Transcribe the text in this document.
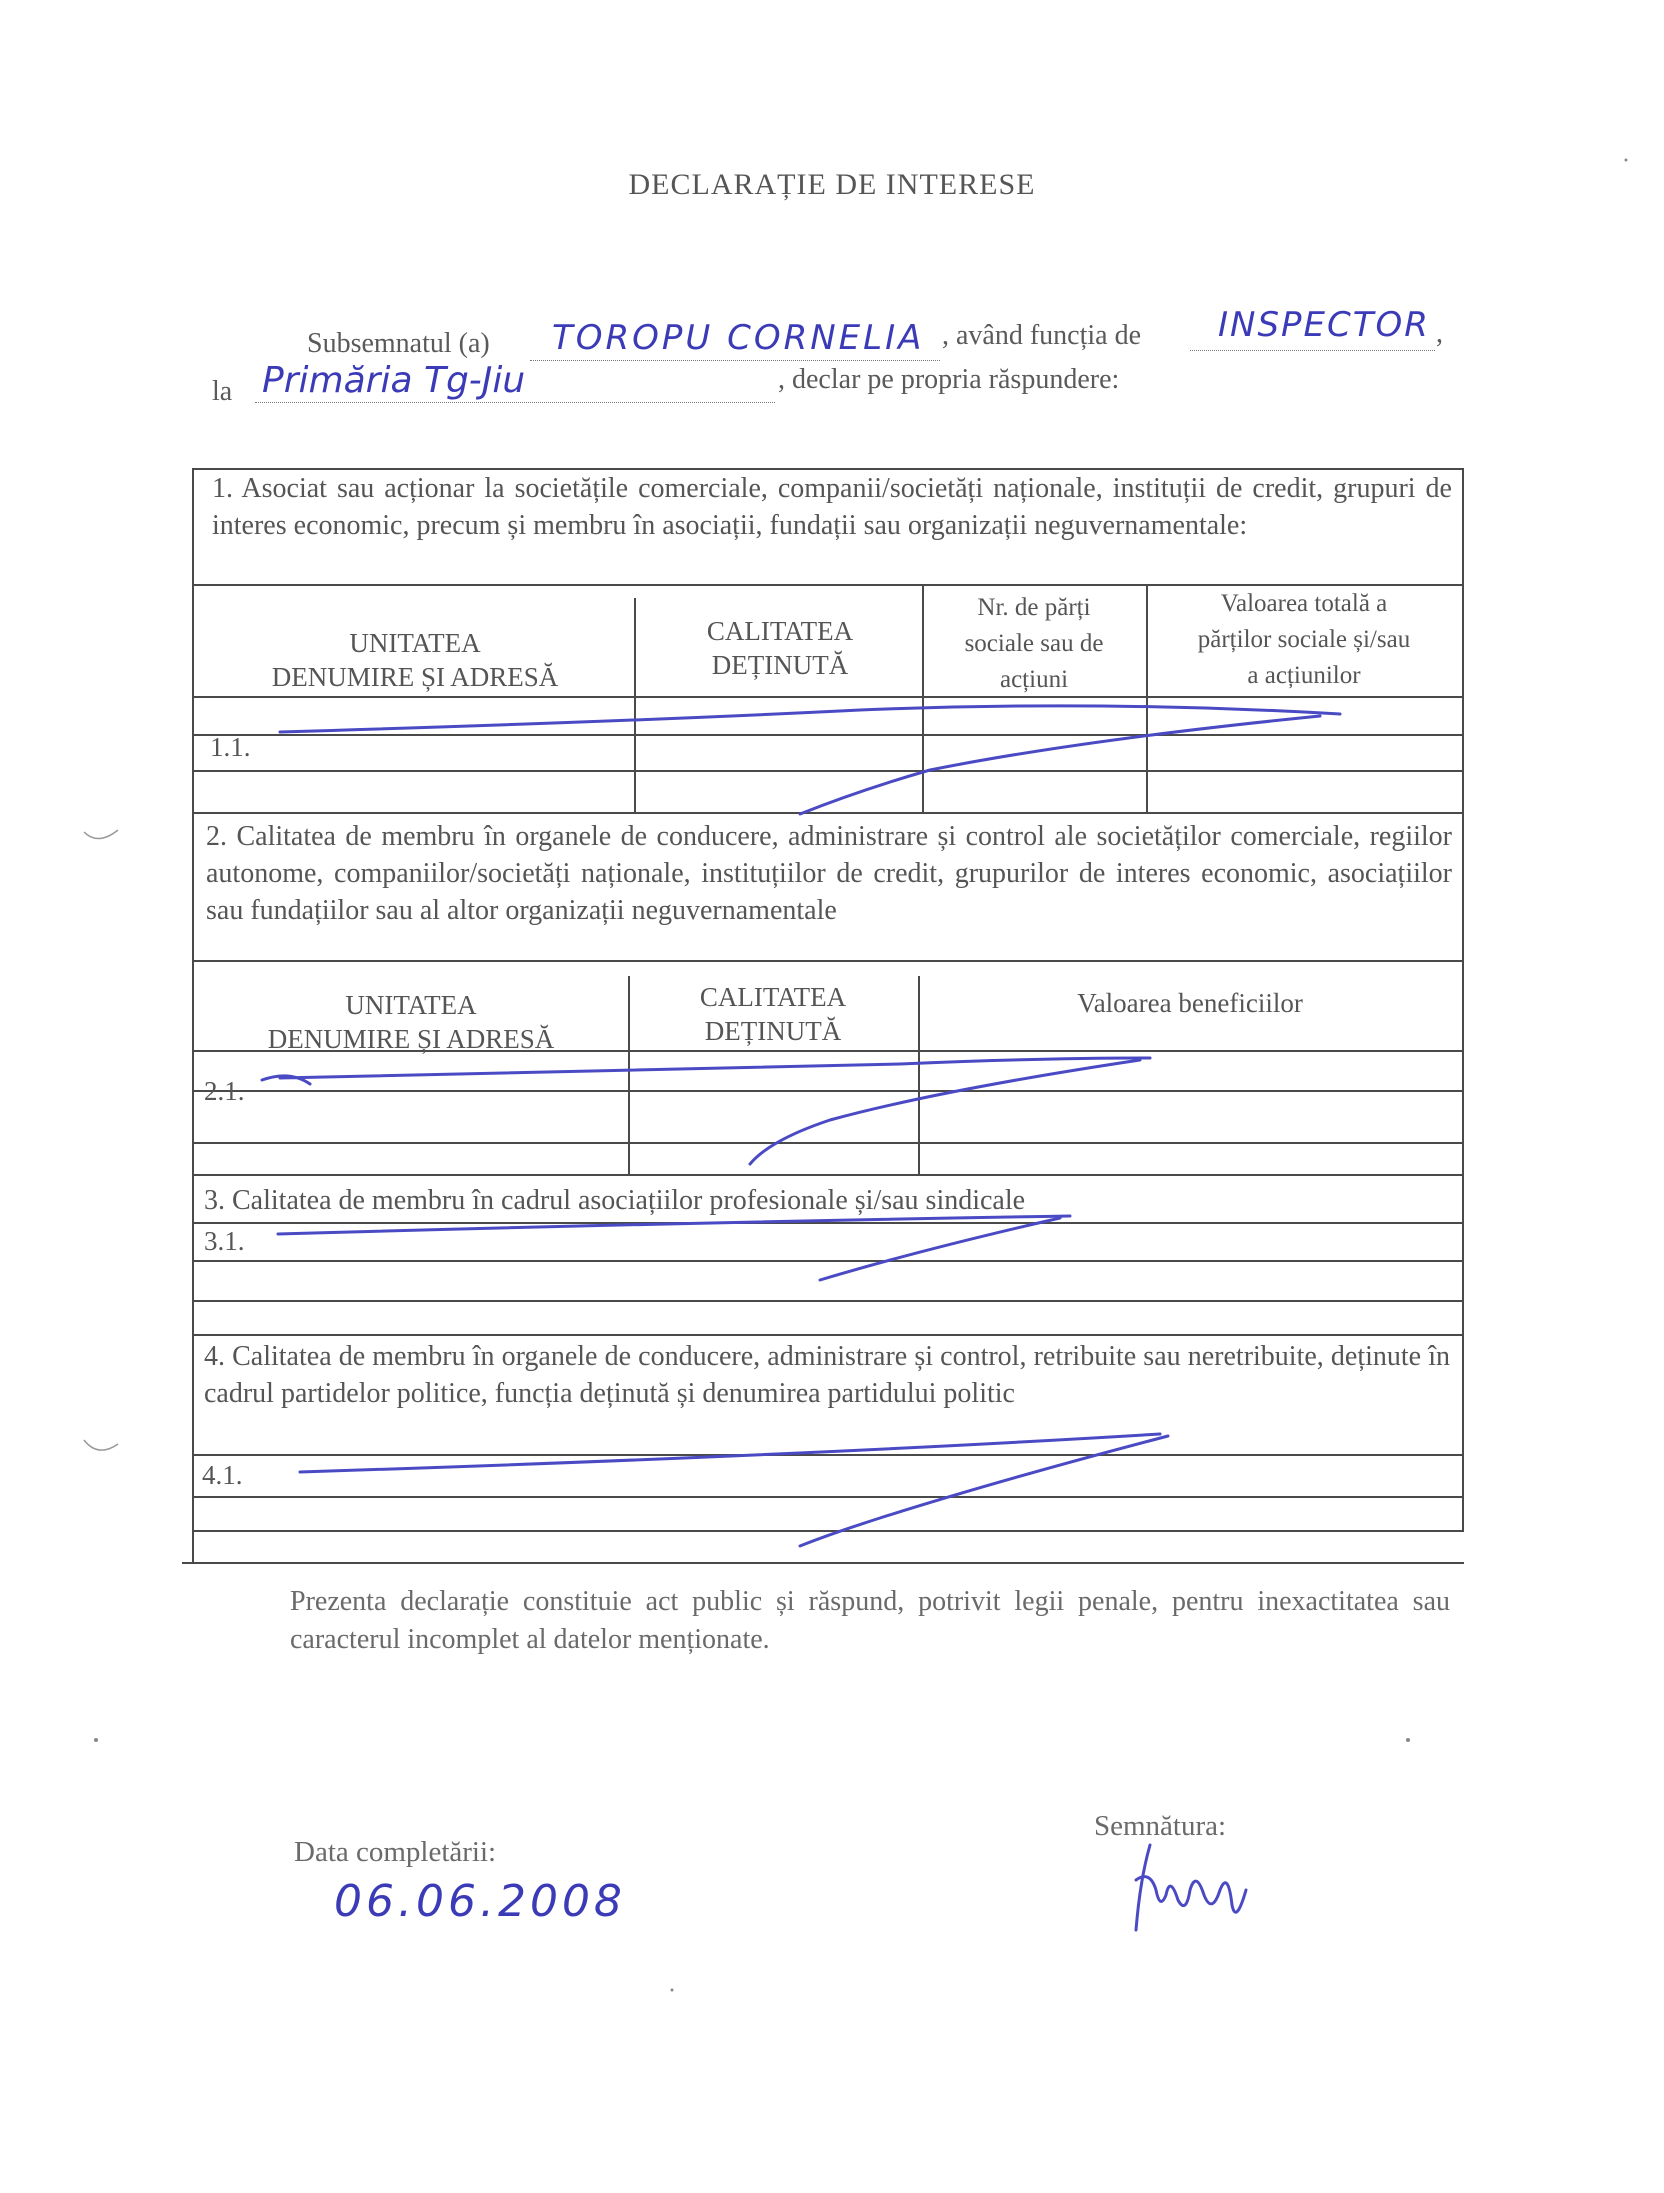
DECLARAȚIE DE INTERESE
Subsemnatul (a) TOROPU CORNELIA , având funcția de INSPECTOR ,
la Primăria Tg-Jiu	, declar pe propria răspundere:
1. Asociat sau acționar la societățile comerciale, companii/societăți naționale, instituții de credit, grupuri de interes economic, precum și membru în asociații, fundații sau organizații neguvernamentale:
UNITATEA
DENUMIRE ȘI ADRESĂ
CALITATEA
DEȚINUTĂ
Nr. de părți
sociale sau de
acțiuni
Valoarea totală a
părților sociale și/sau
a acțiunilor
1.1.
2. Calitatea de membru în organele de conducere, administrare și control ale societăților comerciale, regiilor autonome, companiilor/societăți naționale, instituțiilor de credit, grupurilor de interes economic, asociațiilor sau fundațiilor sau al altor organizații neguvernamentale
UNITATEA
DENUMIRE ȘI ADRESĂ
CALITATEA
DEȚINUTĂ
Valoarea beneficiilor
2.1.
3. Calitatea de membru în cadrul asociațiilor profesionale și/sau sindicale
3.1.
4. Calitatea de membru în organele de conducere, administrare și control, retribuite sau neretribuite, deținute în cadrul partidelor politice, funcția deținută și denumirea partidului politic
4.1.
Prezenta declarație constituie act public și răspund, potrivit legii penale, pentru inexactitatea sau caracterul incomplet al datelor menționate.
Data completării:
06.06.2008
Semnătura:
